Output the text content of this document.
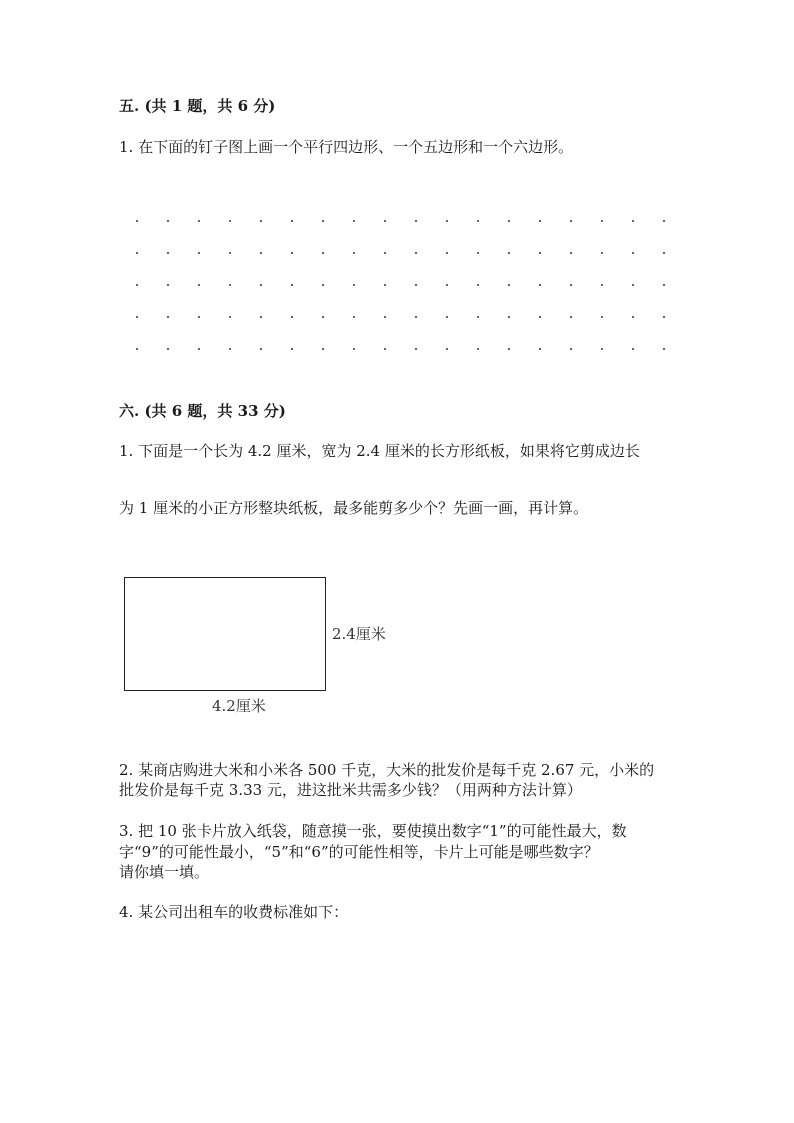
五. (共 1 题，共 6 分)
1. 在下面的钉子图上画一个平行四边形、一个五边形和一个六边形。
六. (共 6 题，共 33 分)
1. 下面是一个长为 4.2 厘米，宽为 2.4 厘米的长方形纸板，如果将它剪成边长
为 1 厘米的小正方形整块纸板，最多能剪多少个？先画一画，再计算。
2.4厘米
4.2厘米
2. 某商店购进大米和小米各 500 千克，大米的批发价是每千克 2.67 元，小米的
批发价是每千克 3.33 元，进这批米共需多少钱？（用两种方法计算）
3. 把 10 张卡片放入纸袋，随意摸一张，要使摸出数字“1”的可能性最大，数
字“9”的可能性最小，“5”和“6”的可能性相等，卡片上可能是哪些数字？
请你填一填。
4. 某公司出租车的收费标准如下：
